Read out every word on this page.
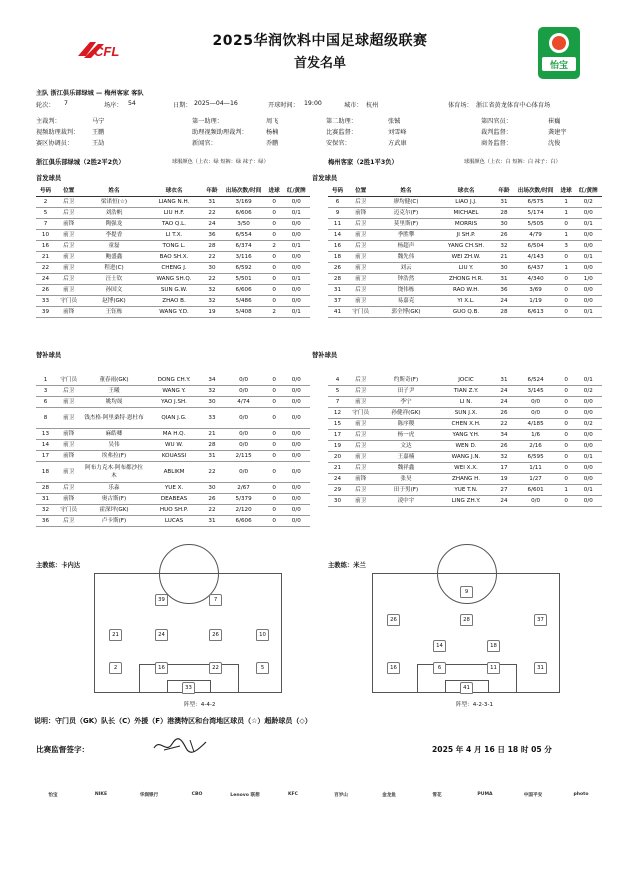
CFL
2025华润饮料中国足球超级联赛
首发名单	怡宝
主队 浙江俱乐部绿城 — 梅州客家 客队
轮次： 7	场序： 54	日期： 2025—04—16	开球时间： 19:00	城市： 杭州	体育场： 浙江省黄龙体育中心体育场
主裁判：	马宁	第一助理：	周飞	第二助理：	张铖	第四官员：	崔巍
视频助理裁判： 王鹏	助理视频助理裁判：	杨楠	比赛监督：	刘雪峰	裁判监督：	龚建宇
赛区协调员：	王劼	新闻官：	乔鹏	安保官：	方武康	商务监督：	沈俊
浙江俱乐部绿城（2胜2平2负）	球服颜色（上衣：绿 短裤：绿 袜子：绿）	梅州客家（2胜1平3负）	球服颜色（上衣：白 短裤：白 袜子：白）
首发球员	首发球员
号码	位置	姓名	球衣名	年龄	出场次数/时间	进球	红/黄牌
2	后卫	梁诺恒(☆)	LIANG N.H.	31	3/169	0	0/0
5	后卫	刘浩帆	LIU H.F.	22	6/606	0	0/1
7	前锋	陶强龙	TAO Q.L.	24	3/50	0	0/0
10	前卫	李提香	LI T.X.	36	6/554	0	0/0
16	后卫	童磊	TONG L.	28	6/374	2	0/1
21	前卫	鲍盛鑫	BAO SH.X.	22	3/116	0	0/0
22	前卫	程进(C)	CHENG J.	30	6/592	0	0/0
24	后卫	汪士钦	WANG SH.Q.	22	5/501	0	0/1
26	前卫	孙国文	SUN G.W.	32	6/606	0	0/0
33	守门员	赵博(GK)	ZHAO B.	32	5/486	0	0/0
39	前锋	王钰栋	WANG Y.D.	19	5/408	2	0/1
号码	位置	姓名	球衣名	年龄	出场次数/时间	进球	红/黄牌
6	后卫	廖均健(C)	LIAO J.J.	31	6/575	1	0/2
9	前锋	迈克尔(F)	MICHAEL	28	5/174	1	0/0
11	后卫	莫里斯(F)	MORRIS	30	5/505	0	0/1
14	前卫	季胜攀	JI SH.P.	26	4/79	1	0/0
16	后卫	杨超声	YANG CH.SH.	32	6/504	3	0/0
18	前卫	魏先伟	WEI ZH.W.	21	4/143	0	0/1
26	前卫	刘云	LIU Y.	30	6/437	1	0/0
28	前卫	钟浩然	ZHONG H.R.	31	4/340	0	1/0
31	后卫	饶伟栋	RAO W.H.	36	3/69	0	0/0
37	前卫	易嘉克	YI X.L.	24	1/19	0	0/0
41	守门员	郭全博(GK)	GUO Q.B.	28	6/613	0	0/1
替补球员	替补球员
1	守门员	董春雨(GK)	DONG CH.Y.	34	0/0	0	0/0
3	后卫	王曦	WANG Y.	32	0/0	0	0/0
6	前卫	姚均晟	YAO J.SH.	30	4/74	0	0/0
8	前卫	钱杰格·阿里桑特·恩杜布	QIAN J.G.	33	0/0	0	0/0
13	前锋	麻皓卿	MA H.Q.	21	0/0	0	0/0
14	前卫	吴伟	WU W.	28	0/0	0	0/0
17	前锋	埃弗拉(F)	KOUASSI	31	2/115	0	0/0
18	前卫	阿布力克木·阿布都沙拉木	ABLIKM	22	0/0	0	0/0
28	后卫	乐淼	YUE X.	30	2/67	0	0/0
31	前锋	奥古斯(F)	DEABEAS	26	5/379	0	0/0
32	守门员	霍深坪(GK)	HUO SH.P.	22	2/120	0	0/0
36	后卫	卢卡斯(F)	LUCAS	31	6/606	0	0/0
4	后卫	约斯奇(F)	JOCIC	31	6/524	0	0/1
5	后卫	田子尹	TIAN Z.Y.	24	3/145	0	0/2
7	前卫	李宁	LI N.	24	0/0	0	0/0
12	守门员	孙健祥(GK)	SUN J.X.	26	0/0	0	0/0
15	前卫	陈序稷	CHEN X.H.	22	4/185	0	0/2
17	后卫	杨一虎	YANG Y.H.	34	1/6	0	0/0
19	后卫	文达	WEN D.	26	2/16	0	0/0
20	前卫	王嘉楠	WANG J.N.	32	6/595	0	0/1
21	后卫	魏祥鑫	WEI X.X.	17	1/11	0	0/0
24	前锋	张昊	ZHANG H.	19	1/27	0	0/0
29	后卫	田于男(F)	YUE T.N.	27	6/601	1	0/1
30	前卫	凌中宇	LING ZH.Y.	24	0/0	0	0/0
主教练：卡内达	主教练：米兰
33
2	16	22	5
21	24	26	10
39	7
阵型：4-4-2
41
16	6	11	31
14	18
26	28	37
9
阵型：4-2-3-1
说明：守门员（GK）队长（C）外援（F）港澳特区和台湾地区球员（☆）超龄球员（◇）
比赛监督签字：	2025 年 4 月 16 日 18 时 05 分
怡宝	NIKE	华润银行	CBO	Lenovo 联想	KFC	百岁山	金龙鱼	雪花	PUMA	中国平安	photo
